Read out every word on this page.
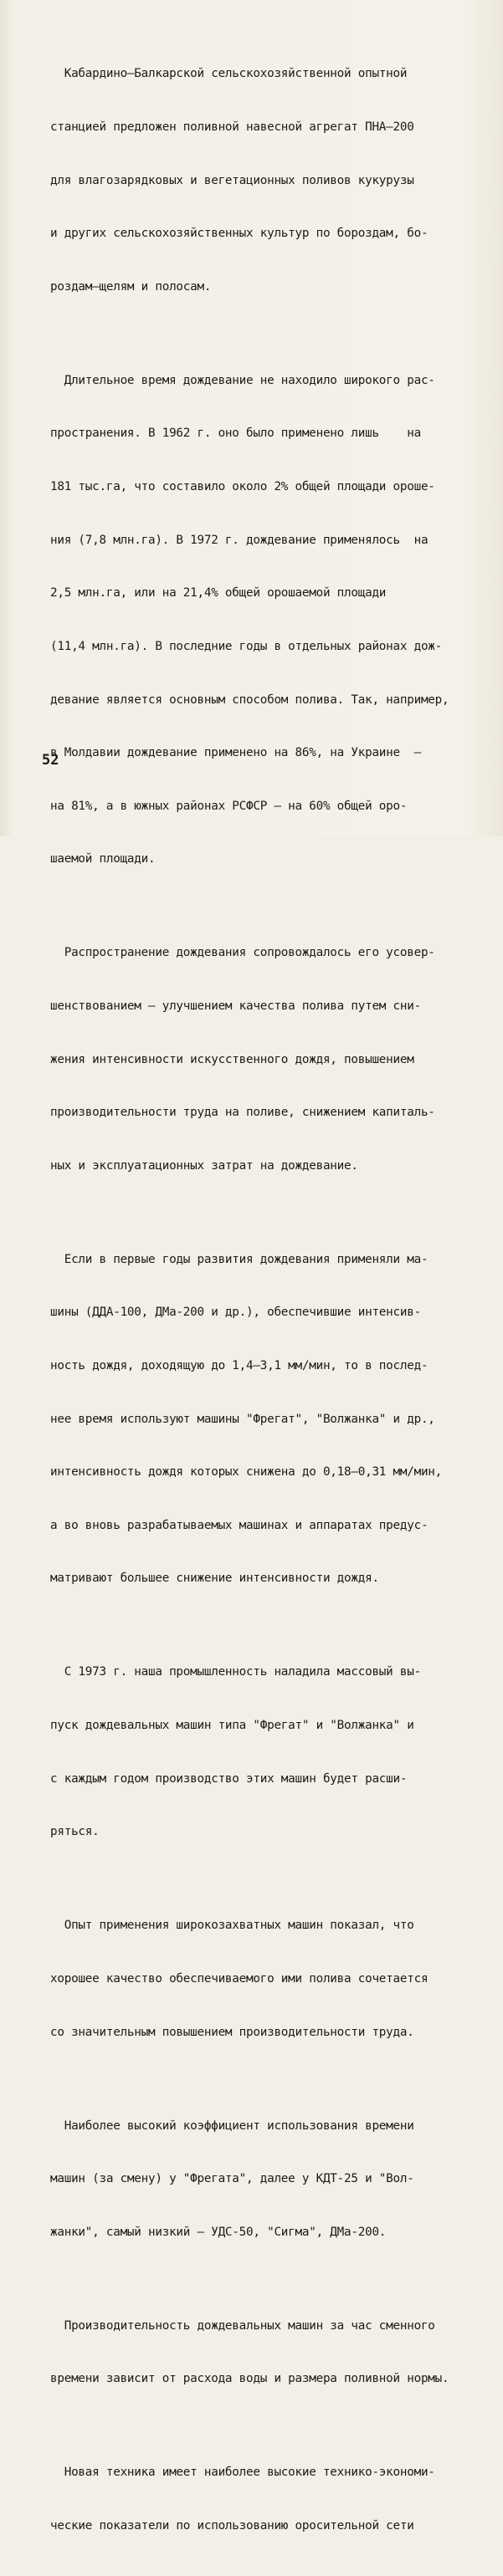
Кабардино–Балкарской сельскохозяйственной опытной

станцией предложен поливной навесной агрегат ПНА–200

для влагозарядковых и вегетационных поливов кукурузы

и других сельскохозяйственных культур по бороздам, бо-

роздам–щелям и полосам.

Длительное время дождевание не находило широкого рас-

пространения. В 1962 г. оно было применено лишь    на

181 тыс.га, что составило около 2% общей площади ороше-

ния (7,8 млн.га). В 1972 г. дождевание применялось  на

2,5 млн.га, или на 21,4% общей орошаемой площади

(11,4 млн.га). В последние годы в отдельных районах дож-

девание является основным способом полива. Так, например,

в Молдавии дождевание применено на 86%, на Украине  –

на 81%, а в южных районах РСФСР – на 60% общей оро-

шаемой площади.

Распространение дождевания сопровождалось его усовер-

шенствованием – улучшением качества полива путем сни-

жения интенсивности искусственного дождя, повышением

производительности труда на поливе, снижением капиталь-

ных и эксплуатационных затрат на дождевание.

Если в первые годы развития дождевания применяли ма-

шины (ДДА-100, ДМа-200 и др.), обеспечившие интенсив-

ность дождя, доходящую до 1,4–3,1 мм/мин, то в послед-

нее время используют машины "Фрегат", "Волжанка" и др.,

интенсивность дождя которых снижена до 0,18–0,31 мм/мин,

а во вновь разрабатываемых машинах и аппаратах предус-

матривают большее снижение интенсивности дождя.

С 1973 г. наша промышленность наладила массовый вы-

пуск дождевальных машин типа "Фрегат" и "Волжанка" и

с каждым годом производство этих машин будет расши-

ряться.

Опыт применения широкозахватных машин показал, что

хорошее качество обеспечиваемого ими полива сочетается

со значительным повышением производительности труда.

Наиболее высокий коэффициент использования времени

машин (за смену) у "Фрегата", далее у КДТ-25 и "Вол-

жанки", самый низкий – УДС-50, "Сигма", ДМа-200.

Производительность дождевальных машин за час сменного

времени зависит от расхода воды и размера поливной нормы.

Новая техника имеет наиболее высокие технико-экономи-

ческие показатели по использованию оросительной сети

52
